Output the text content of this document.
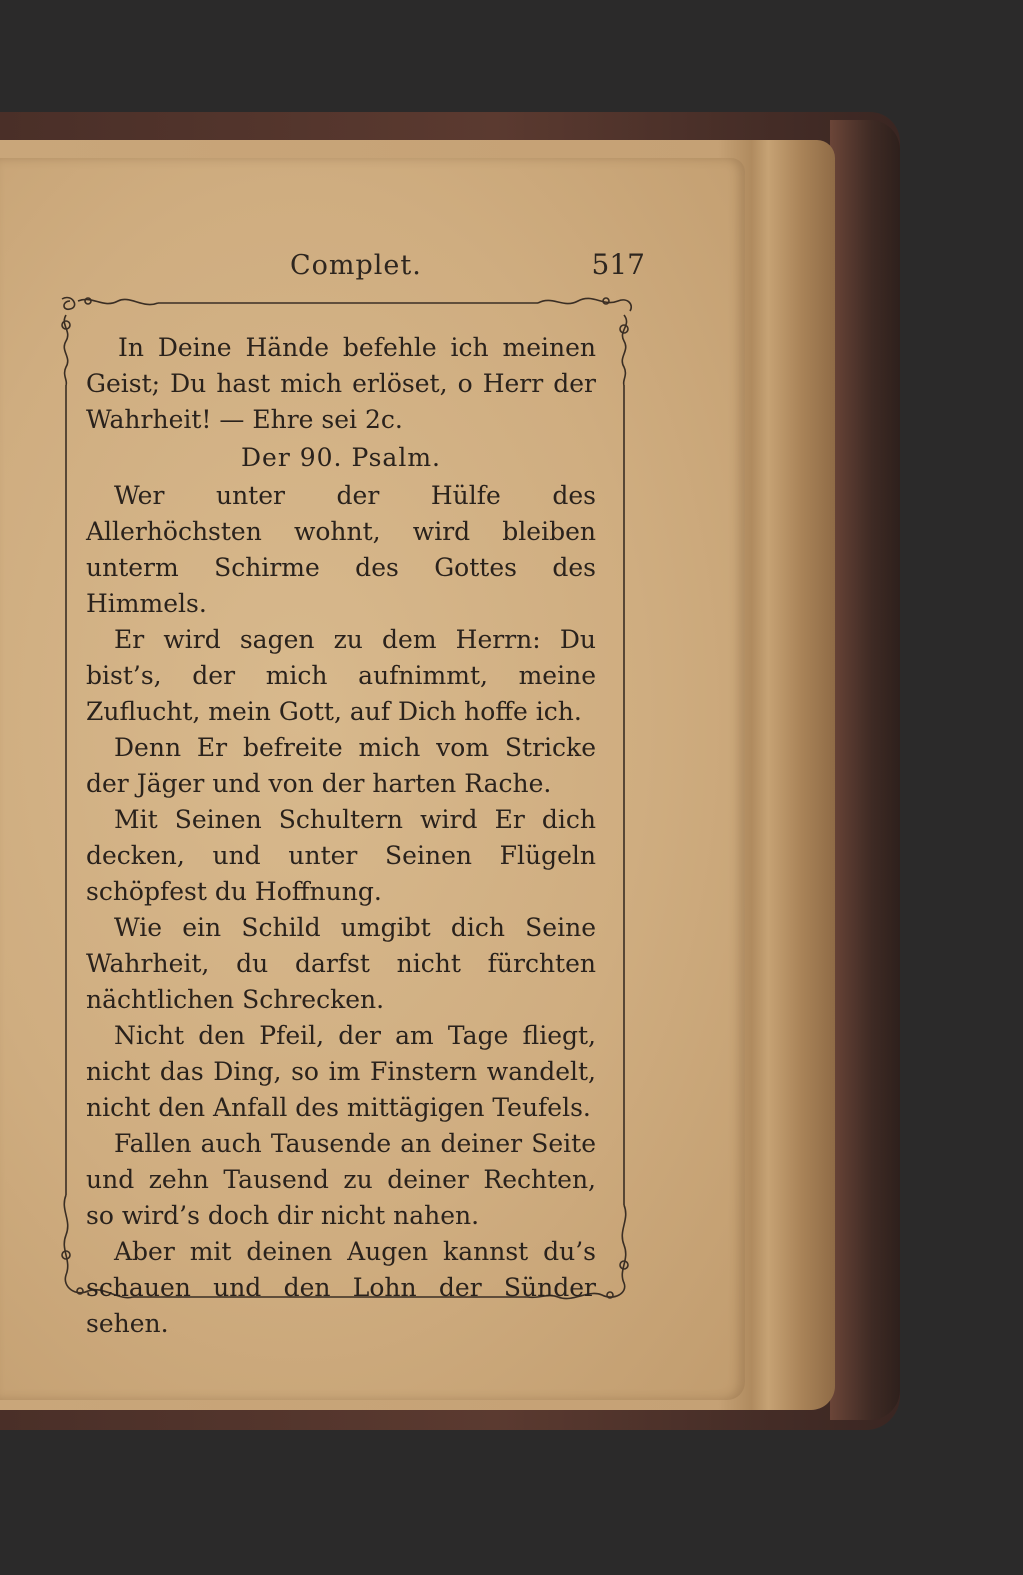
Complet.	517

In Deine Hände befehle ich meinen Geist; Du hast mich erlöset, o Herr der Wahrheit! — Ehre sei 2c.

Der 90. Psalm.

Wer unter der Hülfe des Allerhöchsten wohnt, wird bleiben unterm Schirme des Gottes des Himmels.

Er wird sagen zu dem Herrn: Du bist’s, der mich aufnimmt, meine Zuflucht, mein Gott, auf Dich hoffe ich.

Denn Er befreite mich vom Stricke der Jäger und von der harten Rache.

Mit Seinen Schultern wird Er dich decken, und unter Seinen Flügeln schöpfest du Hoffnung.

Wie ein Schild umgibt dich Seine Wahrheit, du darfst nicht fürchten nächtlichen Schrecken.

Nicht den Pfeil, der am Tage fliegt, nicht das Ding, so im Finstern wandelt, nicht den Anfall des mittägigen Teufels.

Fallen auch Tausende an deiner Seite und zehn Tausend zu deiner Rechten, so wird’s doch dir nicht nahen.

Aber mit deinen Augen kannst du’s schauen und den Lohn der Sünder sehen.
